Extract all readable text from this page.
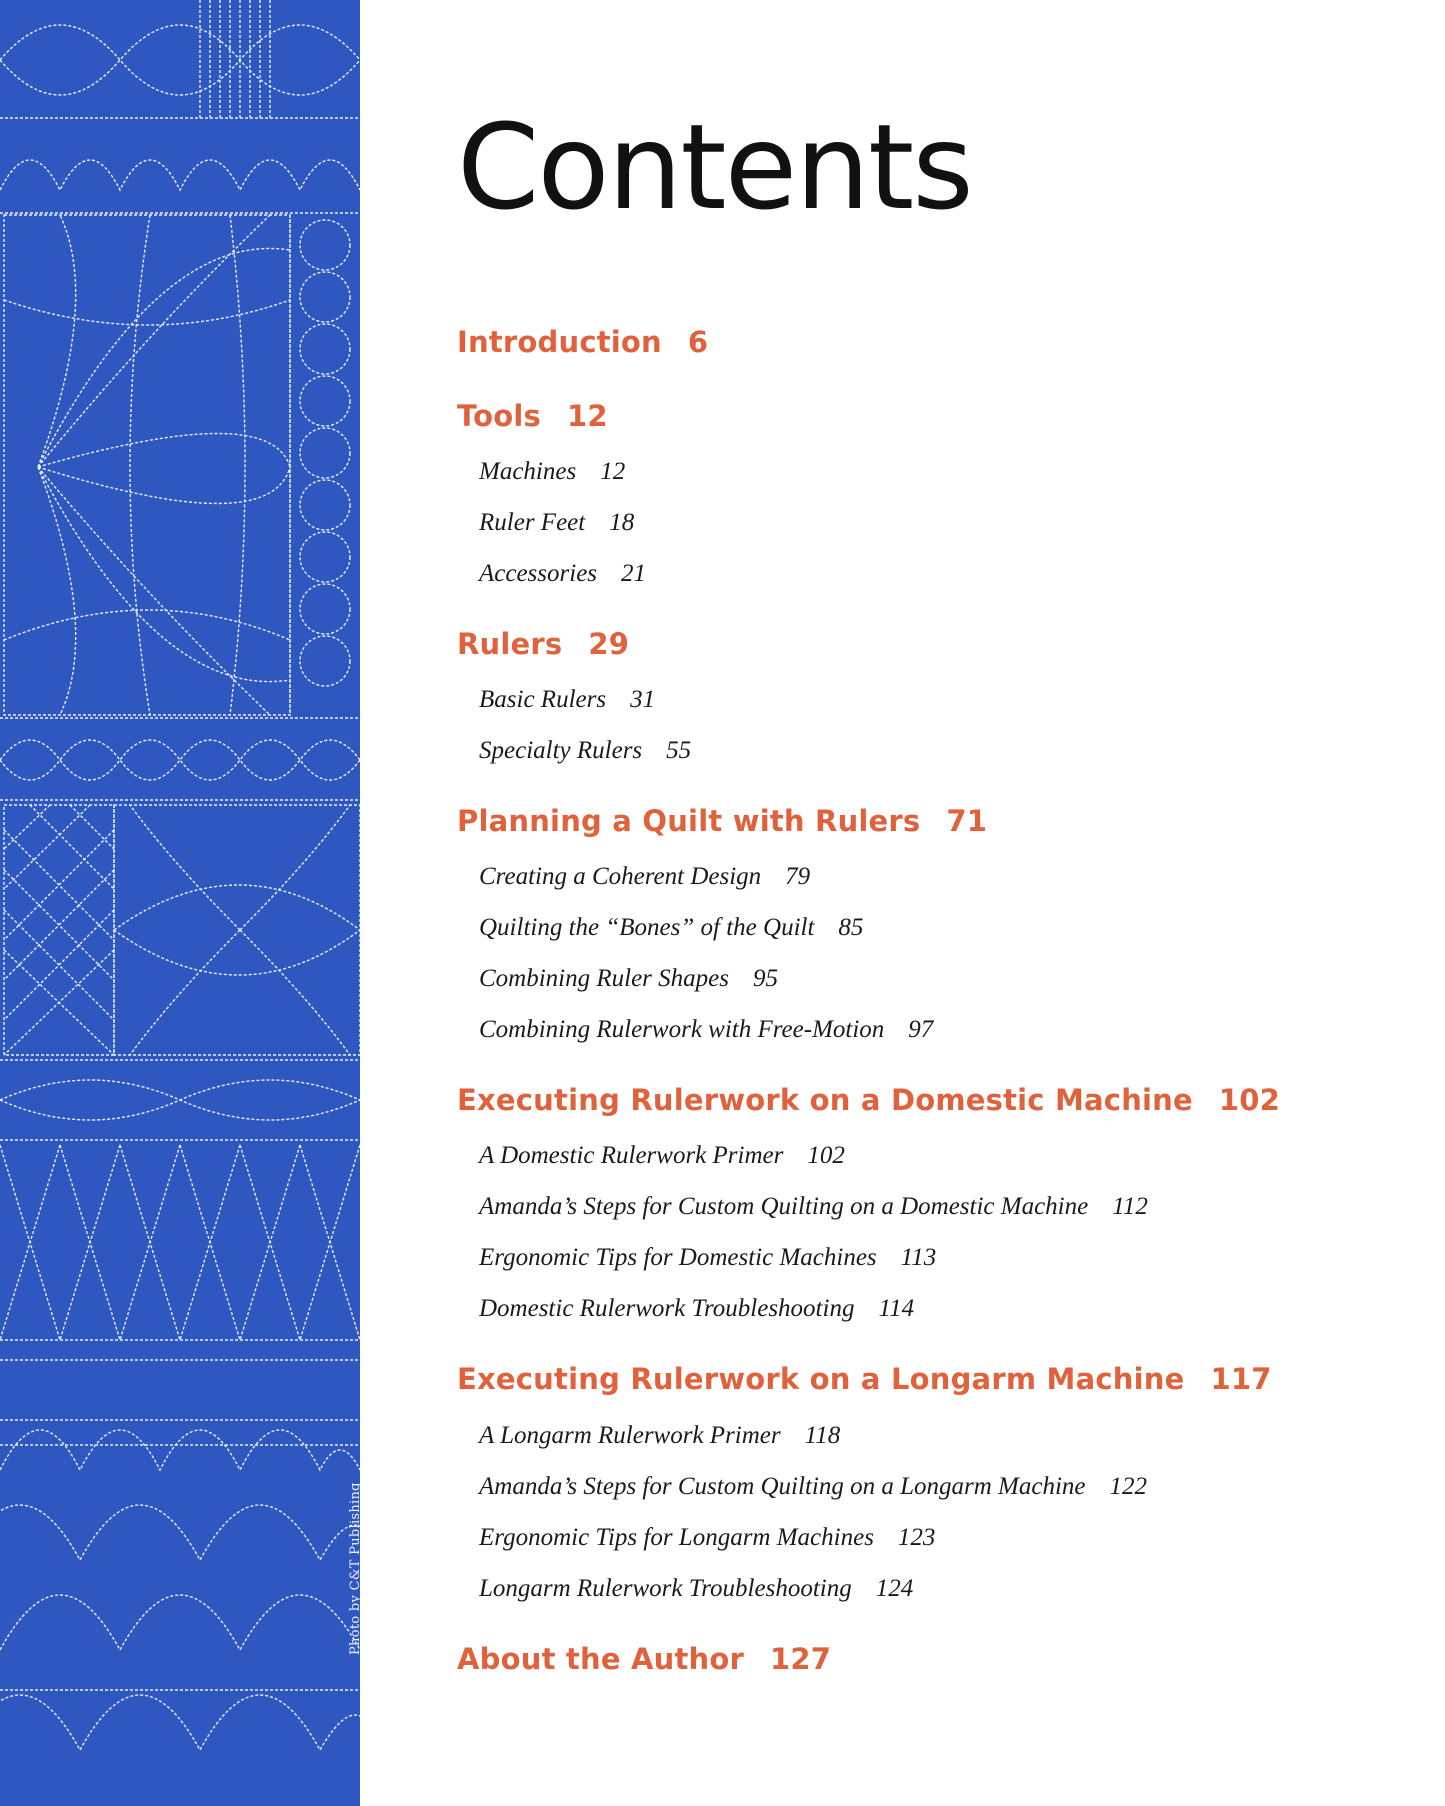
Photo by C&T Publishing
Contents
Introduction 6
Tools 12
Machines 12
Ruler Feet 18
Accessories 21
Rulers 29
Basic Rulers 31
Specialty Rulers 55
Planning a Quilt with Rulers 71
Creating a Coherent Design 79
Quilting the “Bones” of the Quilt 85
Combining Ruler Shapes 95
Combining Rulerwork with Free-Motion 97
Executing Rulerwork on a Domestic Machine 102
A Domestic Rulerwork Primer 102
Amanda’s Steps for Custom Quilting on a Domestic Machine 112
Ergonomic Tips for Domestic Machines 113
Domestic Rulerwork Troubleshooting 114
Executing Rulerwork on a Longarm Machine 117
A Longarm Rulerwork Primer 118
Amanda’s Steps for Custom Quilting on a Longarm Machine 122
Ergonomic Tips for Longarm Machines 123
Longarm Rulerwork Troubleshooting 124
About the Author 127
